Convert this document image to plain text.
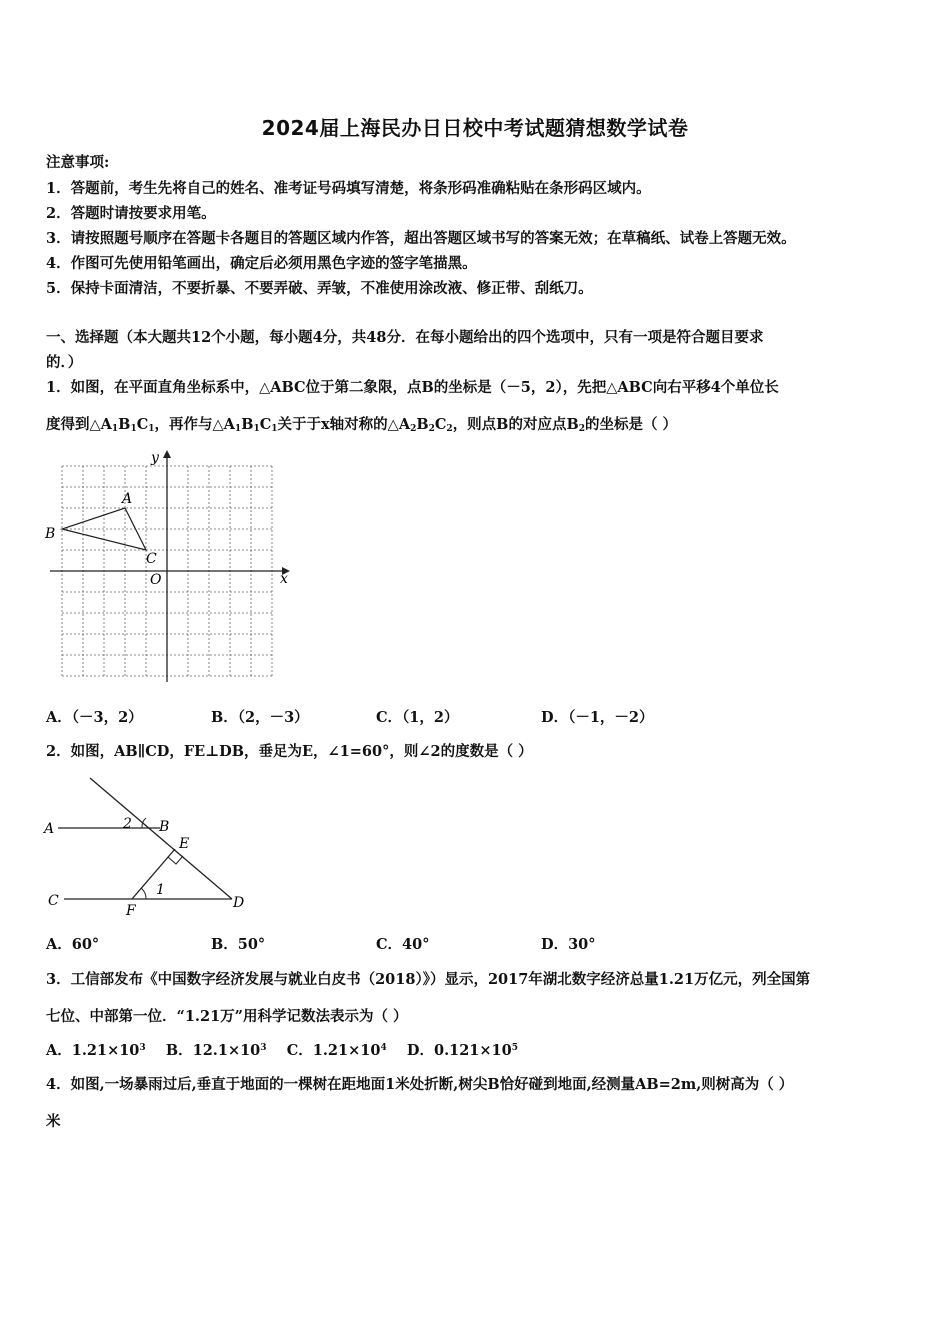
2024届上海民办日日校中考试题猜想数学试卷
注意事项:
1．答题前，考生先将自己的姓名、准考证号码填写清楚，将条形码准确粘贴在条形码区域内。
2．答题时请按要求用笔。
3．请按照题号顺序在答题卡各题目的答题区域内作答，超出答题区域书写的答案无效；在草稿纸、试卷上答题无效。
4．作图可先使用铅笔画出，确定后必须用黑色字迹的签字笔描黑。
5．保持卡面清洁，不要折暴、不要弄破、弄皱，不准使用涂改液、修正带、刮纸刀。
一、选择题（本大题共12个小题，每小题4分，共48分．在每小题给出的四个选项中，只有一项是符合题目要求
的．）
1．如图，在平面直角坐标系中，△ABC位于第二象限，点B的坐标是（－5，2），先把△ABC向右平移4个单位长
度得到$\triangle A_1B_1C_1$，再作与$\triangle A_1B_1C_1$关于于x轴对称的$\triangle A_2B_2C_2$，则点B的对应点$B_2$的坐标是（ ）
y
x
A
B
C
O
A．（－3，2）	B．（2，－3）	C．（1，2）	D．（－1，－2）
2．如图，AB∥CD，FE⊥DB，垂足为E，∠1=60°，则∠2的度数是（ ）
A	B
C	D
E
F
1
2
A．60°	B．50°	C．40°	D．30°
3．工信部发布《中国数字经济发展与就业白皮书（2018）》）显示，2017年湖北数字经济总量1.21万亿元，列全国第
七位、中部第一位．“1.21万”用科学记数法表示为（ ）
A．$1.21\times 10^3$ B．$12.1\times 10^3$ C．$1.21\times 10^4$ D．$0.121\times 10^5$
4．如图,一场暴雨过后,垂直于地面的一棵树在距地面1米处折断,树尖B恰好碰到地面,经测量AB=2m,则树高为（ ）
米
